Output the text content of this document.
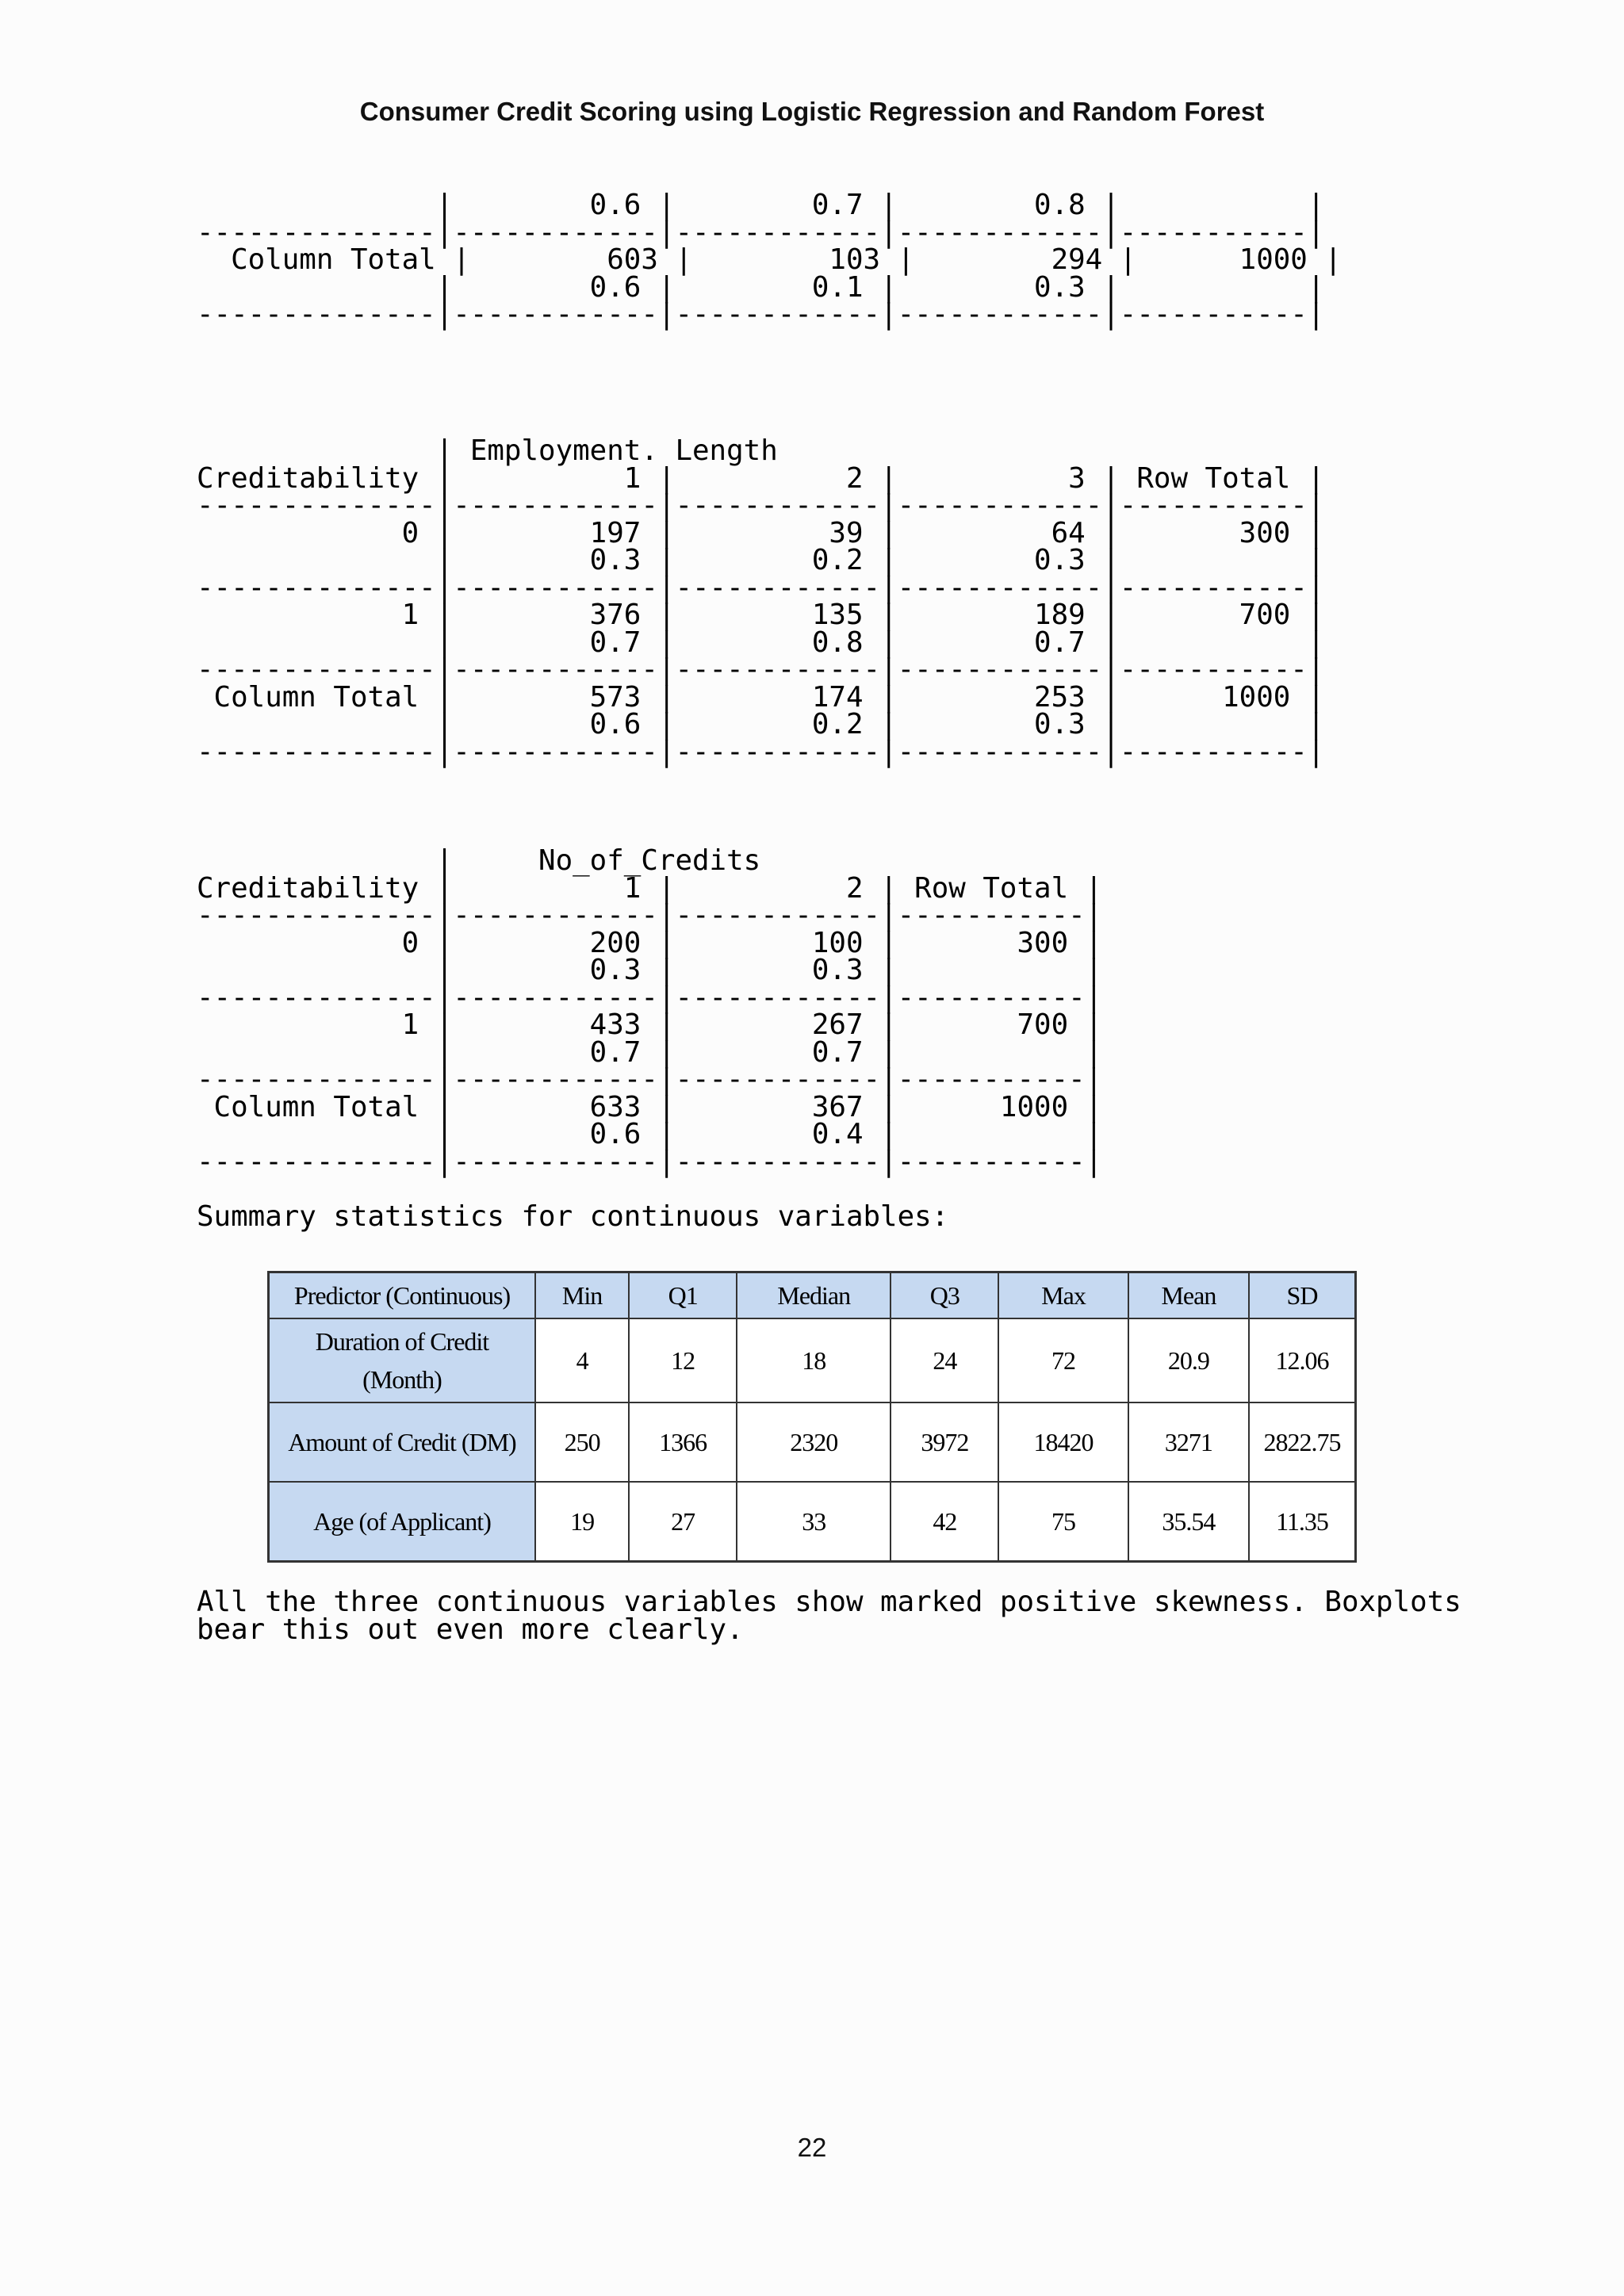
Consumer Credit Scoring using Logistic Regression and Random Forest
|        0.6 |        0.7 |        0.8 |           |
--------------|------------|------------|------------|-----------|
Column Total |        603 |        103 |        294 |      1000 |
|        0.6 |        0.1 |        0.3 |           |
--------------|------------|------------|------------|-----------|

| Employment. Length
Creditability |          1 |          2 |          3 | Row Total |
--------------|------------|------------|------------|-----------|
0 |        197 |         39 |         64 |       300 |
|        0.3 |        0.2 |        0.3 |           |
--------------|------------|------------|------------|-----------|
1 |        376 |        135 |        189 |       700 |
|        0.7 |        0.8 |        0.7 |           |
--------------|------------|------------|------------|-----------|
Column Total |        573 |        174 |        253 |      1000 |
|        0.6 |        0.2 |        0.3 |           |
--------------|------------|------------|------------|-----------|

|     No_of_Credits
Creditability |          1 |          2 | Row Total |
--------------|------------|------------|-----------|
0 |        200 |        100 |       300 |
|        0.3 |        0.3 |           |
--------------|------------|------------|-----------|
1 |        433 |        267 |       700 |
|        0.7 |        0.7 |           |
--------------|------------|------------|-----------|
Column Total |        633 |        367 |      1000 |
|        0.6 |        0.4 |           |
--------------|------------|------------|-----------|

Summary statistics for continuous variables:
Predictor (Continuous)	Min	Q1	Median	Q3	Max	Mean	SD
Duration of Credit (Month)	4	12	18	24	72	20.9	12.06
Amount of Credit (DM)	250	1366	2320	3972	18420	3271	2822.75
Age (of Applicant)	19	27	33	42	75	35.54	11.35
All the three continuous variables show marked positive skewness. Boxplots
bear this out even more clearly.
22
